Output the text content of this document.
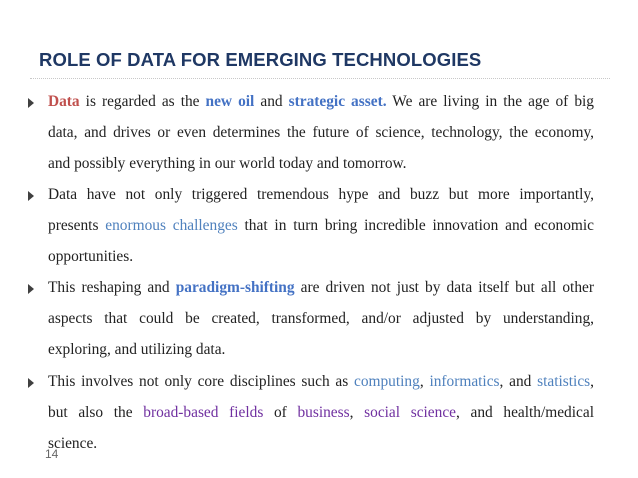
ROLE OF DATA FOR EMERGING TECHNOLOGIES
Data is regarded as the new oil and strategic asset. We are living in the age of big
data, and drives or even determines the future of science, technology, the economy,
and possibly everything in our world today and tomorrow.
Data have not only triggered tremendous hype and buzz but more importantly,
presents enormous challenges that in turn bring incredible innovation and economic
opportunities.
This reshaping and paradigm-shifting are driven not just by data itself but all other
aspects that could be created, transformed, and/or adjusted by understanding,
exploring, and utilizing data.
This involves not only core disciplines such as computing, informatics, and statistics,
but also the broad-based fields of business, social science, and health/medical
science.
14
